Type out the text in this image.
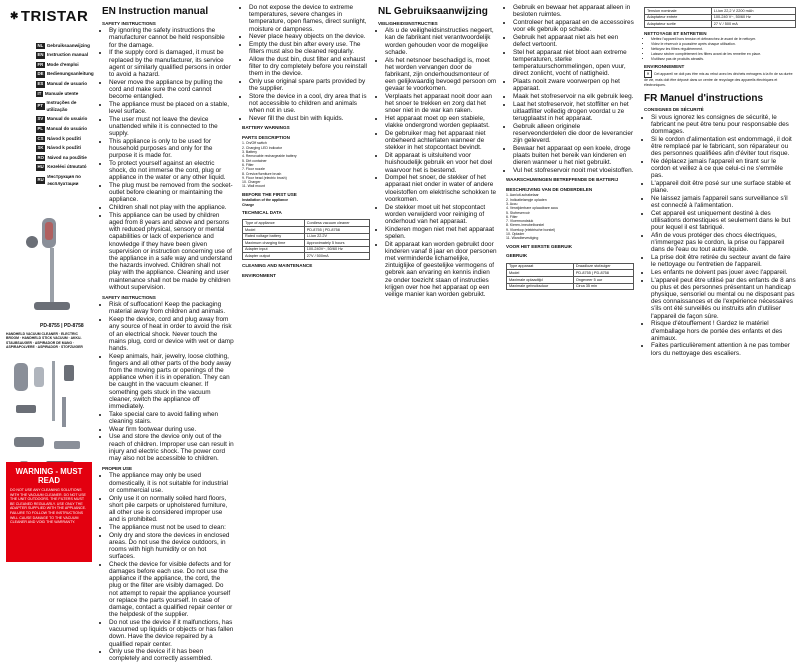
✱ TRISTAR
NL Gebruiksaanwijzing
EN Instruction manual
FR Mode d'emploi
DE Bedienungsanleitung
ES Manual de usuario
IT Manuale utente
PT
Instruções de utilização
SV Manual do usuário
PL Manual do usuário
CS Návod k použití
SK Návod k použití
RO Návod na použitie
HU Kezelési útmutató
RU
Инструкция по эксплуатации
PD-8755 | PD-8758
HANDHELD VACUUM CLEANER · ELECTRIC BROOM · HANDHELD STICK VACUUM · AKKU-STAUBSAUGER · ASPIRADOR DE MANO · ASPIRAPOLVERE · ASPIRADOR · STOFZUIGER
WARNING - MUST READ
DO NOT USE ANY CLEANING SOLUTIONS WITH THE VACUUM CLEANER. DO NOT USE THE UNIT OUTDOORS. THE FILTERS MUST BE CLEANED REGULARLY. USE ONLY THE ADAPTER SUPPLIED WITH THE APPLIANCE. FAILURE TO FOLLOW THE INSTRUCTIONS WILL CAUSE DAMAGE TO THE VACUUM CLEANER AND VOID THE WARRANTY.
EN Instruction manual
SAFETY INSTRUCTIONS
• By ignoring the safety instructions the manufacturer cannot be held responsible for the damage.
• If the supply cord is damaged, it must be replaced by the manufacturer, its service agent or similarly qualified persons in order to avoid a hazard.
• Never move the appliance by pulling the cord and make sure the cord cannot become entangled.
• The appliance must be placed on a stable, level surface.
• The user must not leave the device unattended while it is connected to the supply.
• This appliance is only to be used for household purposes and only for the purpose it is made for.
• To protect yourself against an electric shock, do not immerse the cord, plug or appliance in the water or any other liquid.
• The plug must be removed from the socket-outlet before cleaning or maintaining the appliance.
• Children shall not play with the appliance.
• This appliance can be used by children aged from 8 years and above and persons with reduced physical, sensory or mental capabilities or lack of experience and knowledge if they have been given supervision or instruction concerning use of the appliance in a safe way and understand the hazards involved. Children shall not play with the appliance. Cleaning and user maintenance shall not be made by children without supervision.
SAFETY INSTRUCTIONS
• Risk of suffocation! Keep the packaging material away from children and animals.
• Keep the device, cord and plug away from any source of heat in order to avoid the risk of an electrical shock. Never touch the mains plug, cord or device with wet or damp hands.
• Keep animals, hair, jewelry, loose clothing, fingers and all other parts of the body away from the moving parts or openings of the appliance when it is in operation. They can be caught in the vacuum cleaner. If something gets stuck in the vacuum cleaner, switch the appliance off immediately.
• Take special care to avoid falling when cleaning stairs.
• Wear firm footwear during use.
• Use and store the device only out of the reach of children. Improper use can result in injury and electric shock. The power cord may also not be accessible to children.
PROPER USE
• The appliance may only be used domestically, it is not suitable for industrial or commercial use.
• Only use it on normally soiled hard floors, short pile carpets or upholstered furniture, all other use is considered improper use and is prohibited.
• The appliance must not be used to clean:
• Only dry and store the devices in enclosed areas. Do not use the device outdoors, in rooms with high humidity or on hot surfaces.
• Check the device for visible defects and for damages before each use. Do not use the appliance if the appliance, the cord, the plug or the filter are visibly damaged. Do not attempt to repair the appliance yourself or replace the parts yourself. In case of damage, contact a qualified repair center or the helpdesk of the supplier.
• Do not use the device if it malfunctions, has vacuumed up liquids or objects or has fallen down. Have the device repaired by a qualified repair center.
• Only use the device if it has been completely and correctly assembled.
• Do not expose the device to extreme temperatures, severe changes in temperature, open flames, direct sunlight, moisture or dampness.
• Never place heavy objects on the device.
• Empty the dust bin after every use. The filters must also be cleaned regularly.
• Allow the dust bin, dust filter and exhaust filter to dry completely before you reinstall them in the device.
• Only use original spare parts provided by the supplier.
• Store the device in a cool, dry area that is not accessible to children and animals when not in use.
• Never fill the dust bin with liquids.
BATTERY WARNINGS
PARTS DESCRIPTION
1. On/Off switch
2. Charging LED indicator
3. Battery
4. Removable rechargeable battery
5. Dirt container
6. Filter
7. Floor nozzle
8. Crevice/furniture brush
9. Floor head (electric brush)
10. Charger
11. Wall mount
BEFORE THE FIRST USE
Installation of the appliance
Charge
TECHNICAL DATA
Type of appliance	Cordless vacuum cleaner
Model	PD-8755 | PD-8758
Rated voltage battery	Li-ion 22.2V
Maximum charging time	Approximately 5 hours
Adapter input	100-240V~, 50/60 Hz
Adapter output	27V / 500mA
CLEANING AND MAINTENANCE
ENVIRONMENT
NL Gebruiksaanwijzing
VEILIGHEIDSINSTRUCTIES
• Als u de veiligheidsinstructies negeert, kan de fabrikant niet verantwoordelijk worden gehouden voor de mogelijke schade.
• Als het netsnoer beschadigd is, moet het worden vervangen door de fabrikant, zijn onderhoudsmonteur of een gelijkwaardig bevoegd persoon om gevaar te voorkomen.
• Verplaats het apparaat nooit door aan het snoer te trekken en zorg dat het snoer niet in de war kan raken.
• Het apparaat moet op een stabiele, vlakke ondergrond worden geplaatst.
• De gebruiker mag het apparaat niet onbeheerd achterlaten wanneer de stekker in het stopcontact bevindt.
• Dit apparaat is uitsluitend voor huishoudelijk gebruik en voor het doel waarvoor het is bestemd.
• Dompel het snoer, de stekker of het apparaat niet onder in water of andere vloeistoffen om elektrische schokken te voorkomen.
• De stekker moet uit het stopcontact worden verwijderd voor reiniging of onderhoud van het apparaat.
• Kinderen mogen niet met het apparaat spelen.
• Dit apparaat kan worden gebruikt door kinderen vanaf 8 jaar en door personen met verminderde lichamelijke, zintuiglijke of geestelijke vermogens of gebrek aan ervaring en kennis indien ze onder toezicht staan of instructies krijgen over hoe het apparaat op een veilige manier kan worden gebruikt.
• Gebruik en bewaar het apparaat alleen in besloten ruimtes.
• Controleer het apparaat en de accessoires voor elk gebruik op schade.
• Gebruik het apparaat niet als het een defect vertoont.
• Stel het apparaat niet bloot aan extreme temperaturen, sterke temperatuurschommelingen, open vuur, direct zonlicht, vocht of nattigheid.
• Plaats nooit zware voorwerpen op het apparaat.
• Maak het stofreservoir na elk gebruik leeg.
• Laat het stofreservoir, het stoffilter en het uitlaatfilter volledig drogen voordat u ze terugplaatst in het apparaat.
• Gebruik alleen originele reserveonderdelen die door de leverancier zijn geleverd.
• Bewaar het apparaat op een koele, droge plaats buiten het bereik van kinderen en dieren wanneer u het niet gebruikt.
• Vul het stofreservoir nooit met vloeistoffen.
WAARSCHUWINGEN BETREFFENDE DE BATTERIJ
BESCHRIJVING VAN DE ONDERDELEN
1. Aan/uit-schakelaar
2. Indicatielampje opladen
3. Accu
4. Verwijderbare oplaadbare accu
5. Stofreservoir
6. Filter
7. Vloermondstuk
8. Kieren-/meubelborstel
9. Vloerkop (elektrische borstel)
10. Oplader
11. Wandbevestiging
VOOR HET EERSTE GEBRUIK
GEBRUIK
Type apparaat	Draadloze stofzuiger
Model	PD-8755 | PD-8758
Maximale oplaadtijd	Ongeveer 5 uur
Maximale gebruiksduur	Circa 35 min
Tension nominale	Li-ion 22,2 V 2200 mAh
Adaptateur entrée	100-240 V~, 50/60 Hz
Adaptateur sortie	27 V / 500 mA
NETTOYAGE ET ENTRETIEN
• Mettez l'appareil hors tension et débranchez-le avant de le nettoyer.
• Videz le réservoir à poussière après chaque utilisation.
• Nettoyez les filtres régulièrement.
• Laissez sécher complètement les filtres avant de les remettre en place.
• N'utilisez pas de produits abrasifs.
ENVIRONNEMENT
✕ Cet appareil ne doit pas être mis au rebut avec les déchets ménagers à la fin de sa durée de vie, mais doit être déposé dans un centre de recyclage des appareils électriques et électroniques.
FR Manuel d'instructions
CONSIGNES DE SÉCURITÉ
• Si vous ignorez les consignes de sécurité, le fabricant ne peut être tenu pour responsable des dommages.
• Si le cordon d'alimentation est endommagé, il doit être remplacé par le fabricant, son réparateur ou des personnes qualifiées afin d'éviter tout risque.
• Ne déplacez jamais l'appareil en tirant sur le cordon et veillez à ce que celui-ci ne s'emmêle pas.
• L'appareil doit être posé sur une surface stable et plane.
• Ne laissez jamais l'appareil sans surveillance s'il est connecté à l'alimentation.
• Cet appareil est uniquement destiné à des utilisations domestiques et seulement dans le but pour lequel il est fabriqué.
• Afin de vous protéger des chocs électriques, n'immergez pas le cordon, la prise ou l'appareil dans de l'eau ou tout autre liquide.
• La prise doit être retirée du secteur avant de faire le nettoyage ou l'entretien de l'appareil.
• Les enfants ne doivent pas jouer avec l'appareil.
• L'appareil peut être utilisé par des enfants de 8 ans ou plus et des personnes présentant un handicap physique, sensoriel ou mental ou ne disposant pas des connaissances et de l'expérience nécessaires s'ils ont été surveillés ou instruits afin d'utiliser l'appareil de façon sûre.
• Risque d'étouffement ! Gardez le matériel d'emballage hors de portée des enfants et des animaux.
• Faites particulièrement attention à ne pas tomber lors du nettoyage des escaliers.
